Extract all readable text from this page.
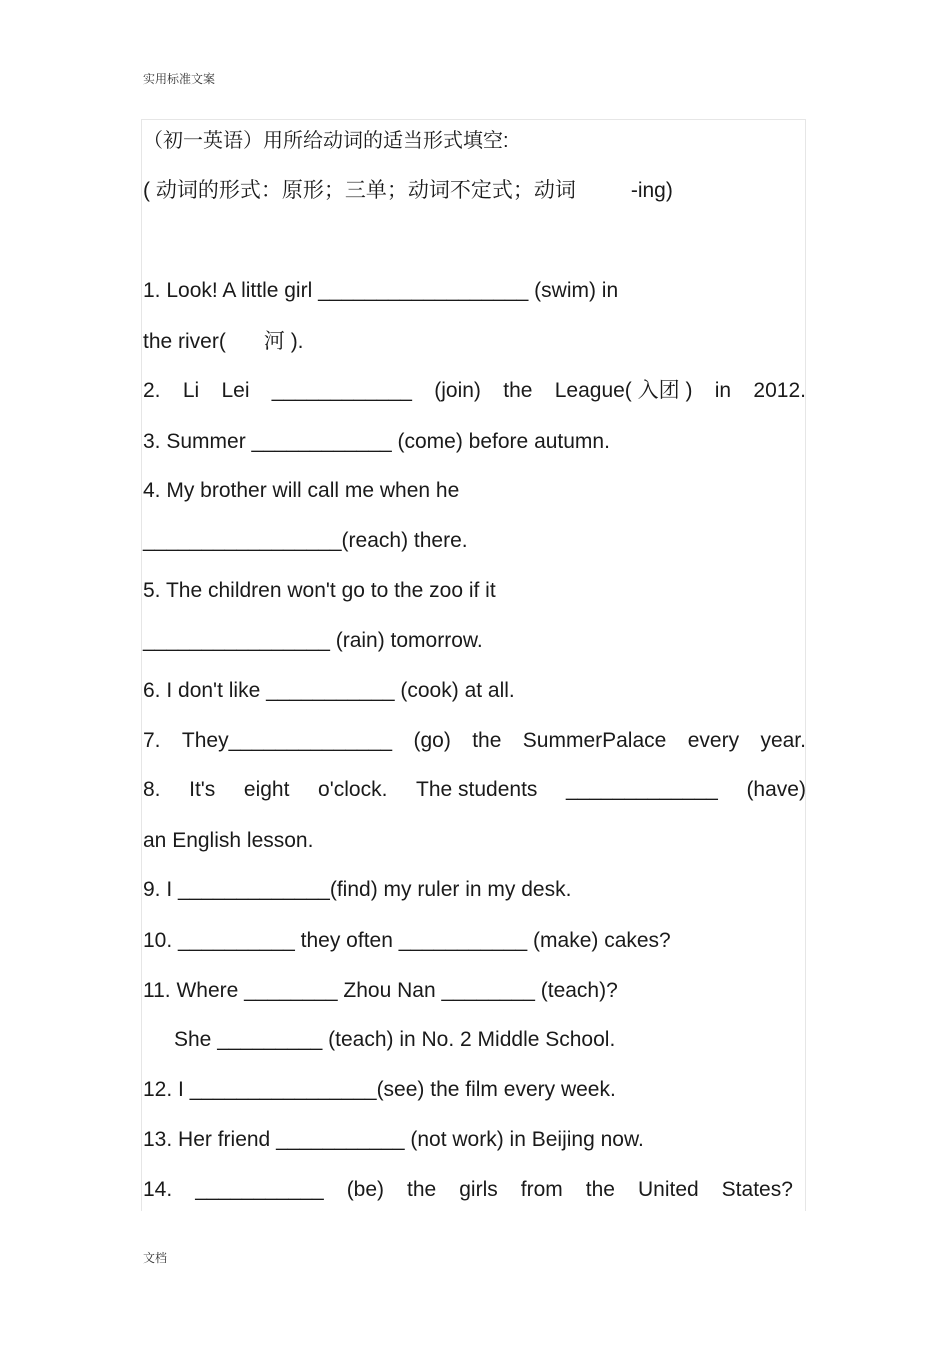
实用标准文案
（初一英语）用所给动词的适当形式填空:
( 动词的形式：原形；三单；动词不定式；动词	-ing)
1. Look! A little girl __________________ (swim) in
the river( 河 ).
2. Li Lei ____________ (join) the League( 入团 ) in 2012.
3. Summer ____________ (come) before autumn.
4. My brother will call me when he
_________________(reach) there.
5. The children won't go to the zoo if it
________________ (rain) tomorrow.
6. I don't like ___________ (cook) at all.
7. They______________ (go) the SummerPalace every year.
8. It's eight o'clock. The students _____________ (have)
an English lesson.
9. I _____________(find) my ruler in my desk.
10. __________ they often ___________ (make) cakes?
11. Where ________ Zhou Nan ________ (teach)?
She _________ (teach) in No. 2 Middle School.
12. I ________________(see) the film every week.
13. Her friend ___________ (not work) in Beijing now.
14. ___________ (be) the girls from the United States?
文档
